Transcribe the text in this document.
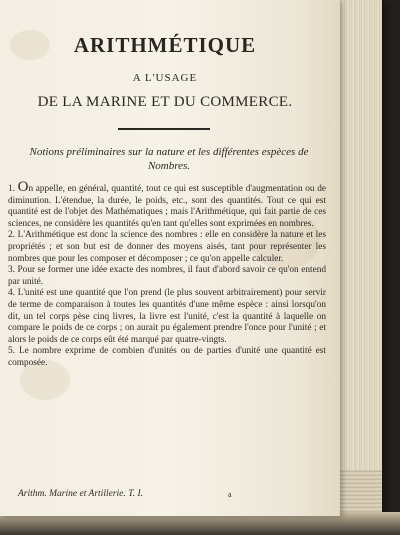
ARITHMÉTIQUE
A L'USAGE
DE LA MARINE ET DU COMMERCE.
Notions préliminaires sur la nature et les différentes espèces de Nombres.

1. On appelle, en général, quantité, tout ce qui est susceptible d'augmentation ou de diminution. L'étendue, la durée, le poids, etc., sont des quantités. Tout ce qui est quantité est de l'objet des Mathématiques ; mais l'Arithmétique, qui fait partie de ces sciences, ne considère les quantités qu'en tant qu'elles sont exprimées en nombres.

2. L'Arithmétique est donc la science des nombres : elle en considère la nature et les propriétés ; et son but est de donner des moyens aisés, tant pour représenter les nombres que pour les composer et décomposer ; ce qu'on appelle calculer.

3. Pour se former une idée exacte des nombres, il faut d'abord savoir ce qu'on entend par unité.

4. L'unité est une quantité que l'on prend (le plus souvent arbitrairement) pour servir de terme de comparaison à toutes les quantités d'une même espèce : ainsi lorsqu'on dit, un tel corps pèse cinq livres, la livre est l'unité, c'est la quantité à laquelle on compare le poids de ce corps ; on aurait pu également prendre l'once pour l'unité ; et alors le poids de ce corps eût été marqué par quatre-vingts.

5. Le nombre exprime de combien d'unités ou de parties d'unité une quantité est composée.

Arithm. Marine et Artillerie. T. I.	a
